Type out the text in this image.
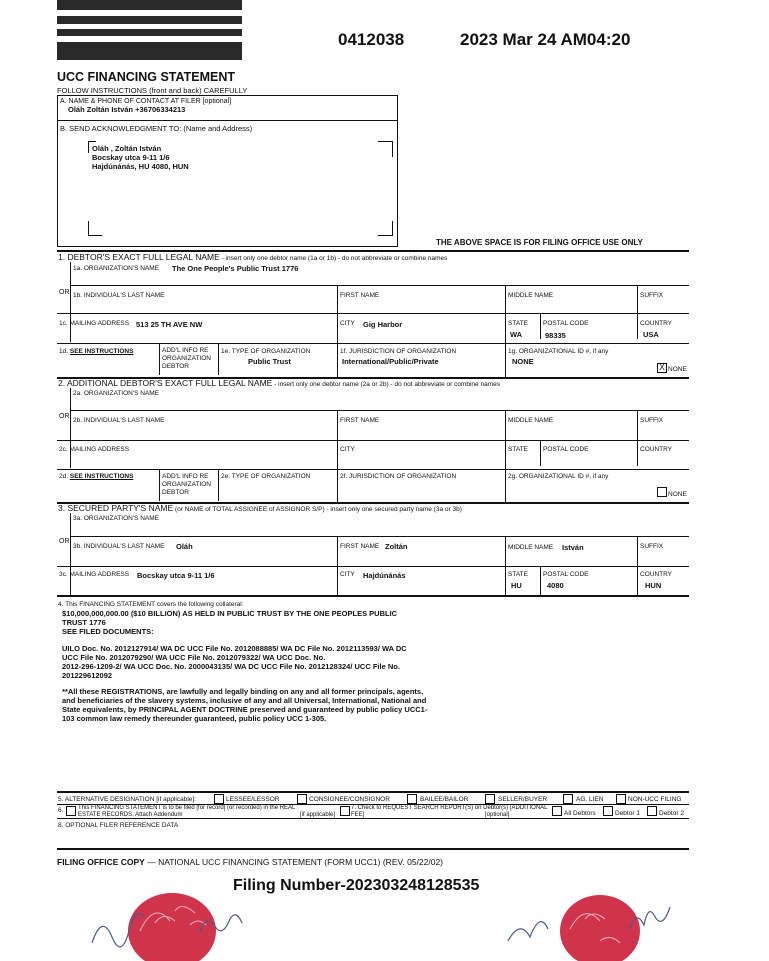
0412038	2023 Mar 24 AM04:20
UCC FINANCING STATEMENT
FOLLOW INSTRUCTIONS (front and back) CAREFULLY
A. NAME & PHONE OF CONTACT AT FILER [optional]
Oláh Zoltán István +36706334213
B. SEND ACKNOWLEDGMENT TO: (Name and Address)
Oláh , Zoltán István
Bocskay utca 9-11 1/6
Hajdúnánás, HU 4080, HUN
THE ABOVE SPACE IS FOR FILING OFFICE USE ONLY
1. DEBTOR'S EXACT FULL LEGAL NAME - insert only one debtor name (1a or 1b) - do not abbreviate or combine names
1a. ORGANIZATION'S NAME The One People's Public Trust 1776
OR 1b. INDIVIDUAL'S LAST NAME	FIRST NAME	MIDDLE NAME	SUFFIX
1c. MAILING ADDRESS 513 25 TH AVE NW	CITY Gig Harbor	STATE
WA
POSTAL CODE
98335
COUNTRY
USA
1d. SEE INSTRUCTIONS	ADD'L INFO RE ORGANIZATION DEBTOR
1e. TYPE OF ORGANIZATION
Public Trust
1f. JURISDICTION OF ORGANIZATION
International/Public/Private
1g. ORGANIZATIONAL ID #, if any
NONE
X NONE
2. ADDITIONAL DEBTOR'S EXACT FULL LEGAL NAME - insert only one debtor name (2a or 2b) - do not abbreviate or combine names
2a. ORGANIZATION'S NAME
OR
2b. INDIVIDUAL'S LAST NAME	FIRST NAME	MIDDLE NAME	SUFFIX
2c. MAILING ADDRESS	CITY	STATE POSTAL CODE	COUNTRY
2d. SEE INSTRUCTIONS	ADD'L INFO RE ORGANIZATION DEBTOR
2e. TYPE OF ORGANIZATION	2f. JURISDICTION OF ORGANIZATION	2g. ORGANIZATIONAL ID #, if any
NONE
3. SECURED PARTY'S NAME (or NAME of TOTAL ASSIGNEE of ASSIGNOR S/P) - insert only one secured party name (3a or 3b)
3a. ORGANIZATION'S NAME
OR
3b. INDIVIDUAL'S LAST NAME Oláh	FIRST NAME Zoltán	MIDDLE NAME István	SUFFIX
3c. MAILING ADDRESS Bocskay utca 9-11 1/6	CITY Hajdúnánás	STATE
HU
POSTAL CODE
4080
COUNTRY
HUN
4. This FINANCING STATEMENT covers the following collateral:
$10,000,000,000.00 ($10 BILLION) AS HELD IN PUBLIC TRUST BY THE ONE PEOPLES PUBLIC
TRUST 1776
SEE FILED DOCUMENTS:
UILO Doc. No. 2012127914/ WA DC UCC File No. 2012088885/ WA DC File No. 2012113593/ WA DC
UCC File No. 2012079290/ WA UCC File No. 2012079322/ WA UCC Doc. No.
2012-296-1209-2/ WA UCC Doc. No. 2000043135/ WA DC UCC File No. 2012128324/ UCC File No.
201229612092
**All these REGISTRATIONS, are lawfully and legally binding on any and all former principals, agents,
and beneficiaries of the slavery systems, inclusive of any and all Universal, International, National and
State equivalents, by PRINCIPAL AGENT DOCTRINE preserved and guaranteed by public policy UCC1-
103 common law remedy thereunder guaranteed, public policy UCC 1-305.
5. ALTERNATIVE DESIGNATION [if applicable]:	LESSEE/LESSOR	CONSIGNEE/CONSIGNOR	BAILEE/BAILOR	SELLER/BUYER	AG. LIEN	NON-UCC FILING
6. This FINANCING STATEMENT is to be filed [for record] (or recorded) in the REAL ESTATE RECORDS. Attach Addendum	[if applicable]
7. Check to REQUEST SEARCH REPORT(S) on Debtor(s) [ADDITIONAL FEE]	[optional]	All Debtors	Debtor 1	Debtor 2
8. OPTIONAL FILER REFERENCE DATA
FILING OFFICE COPY — NATIONAL UCC FINANCING STATEMENT (FORM UCC1) (REV. 05/22/02)
Filing Number-202303248128535
